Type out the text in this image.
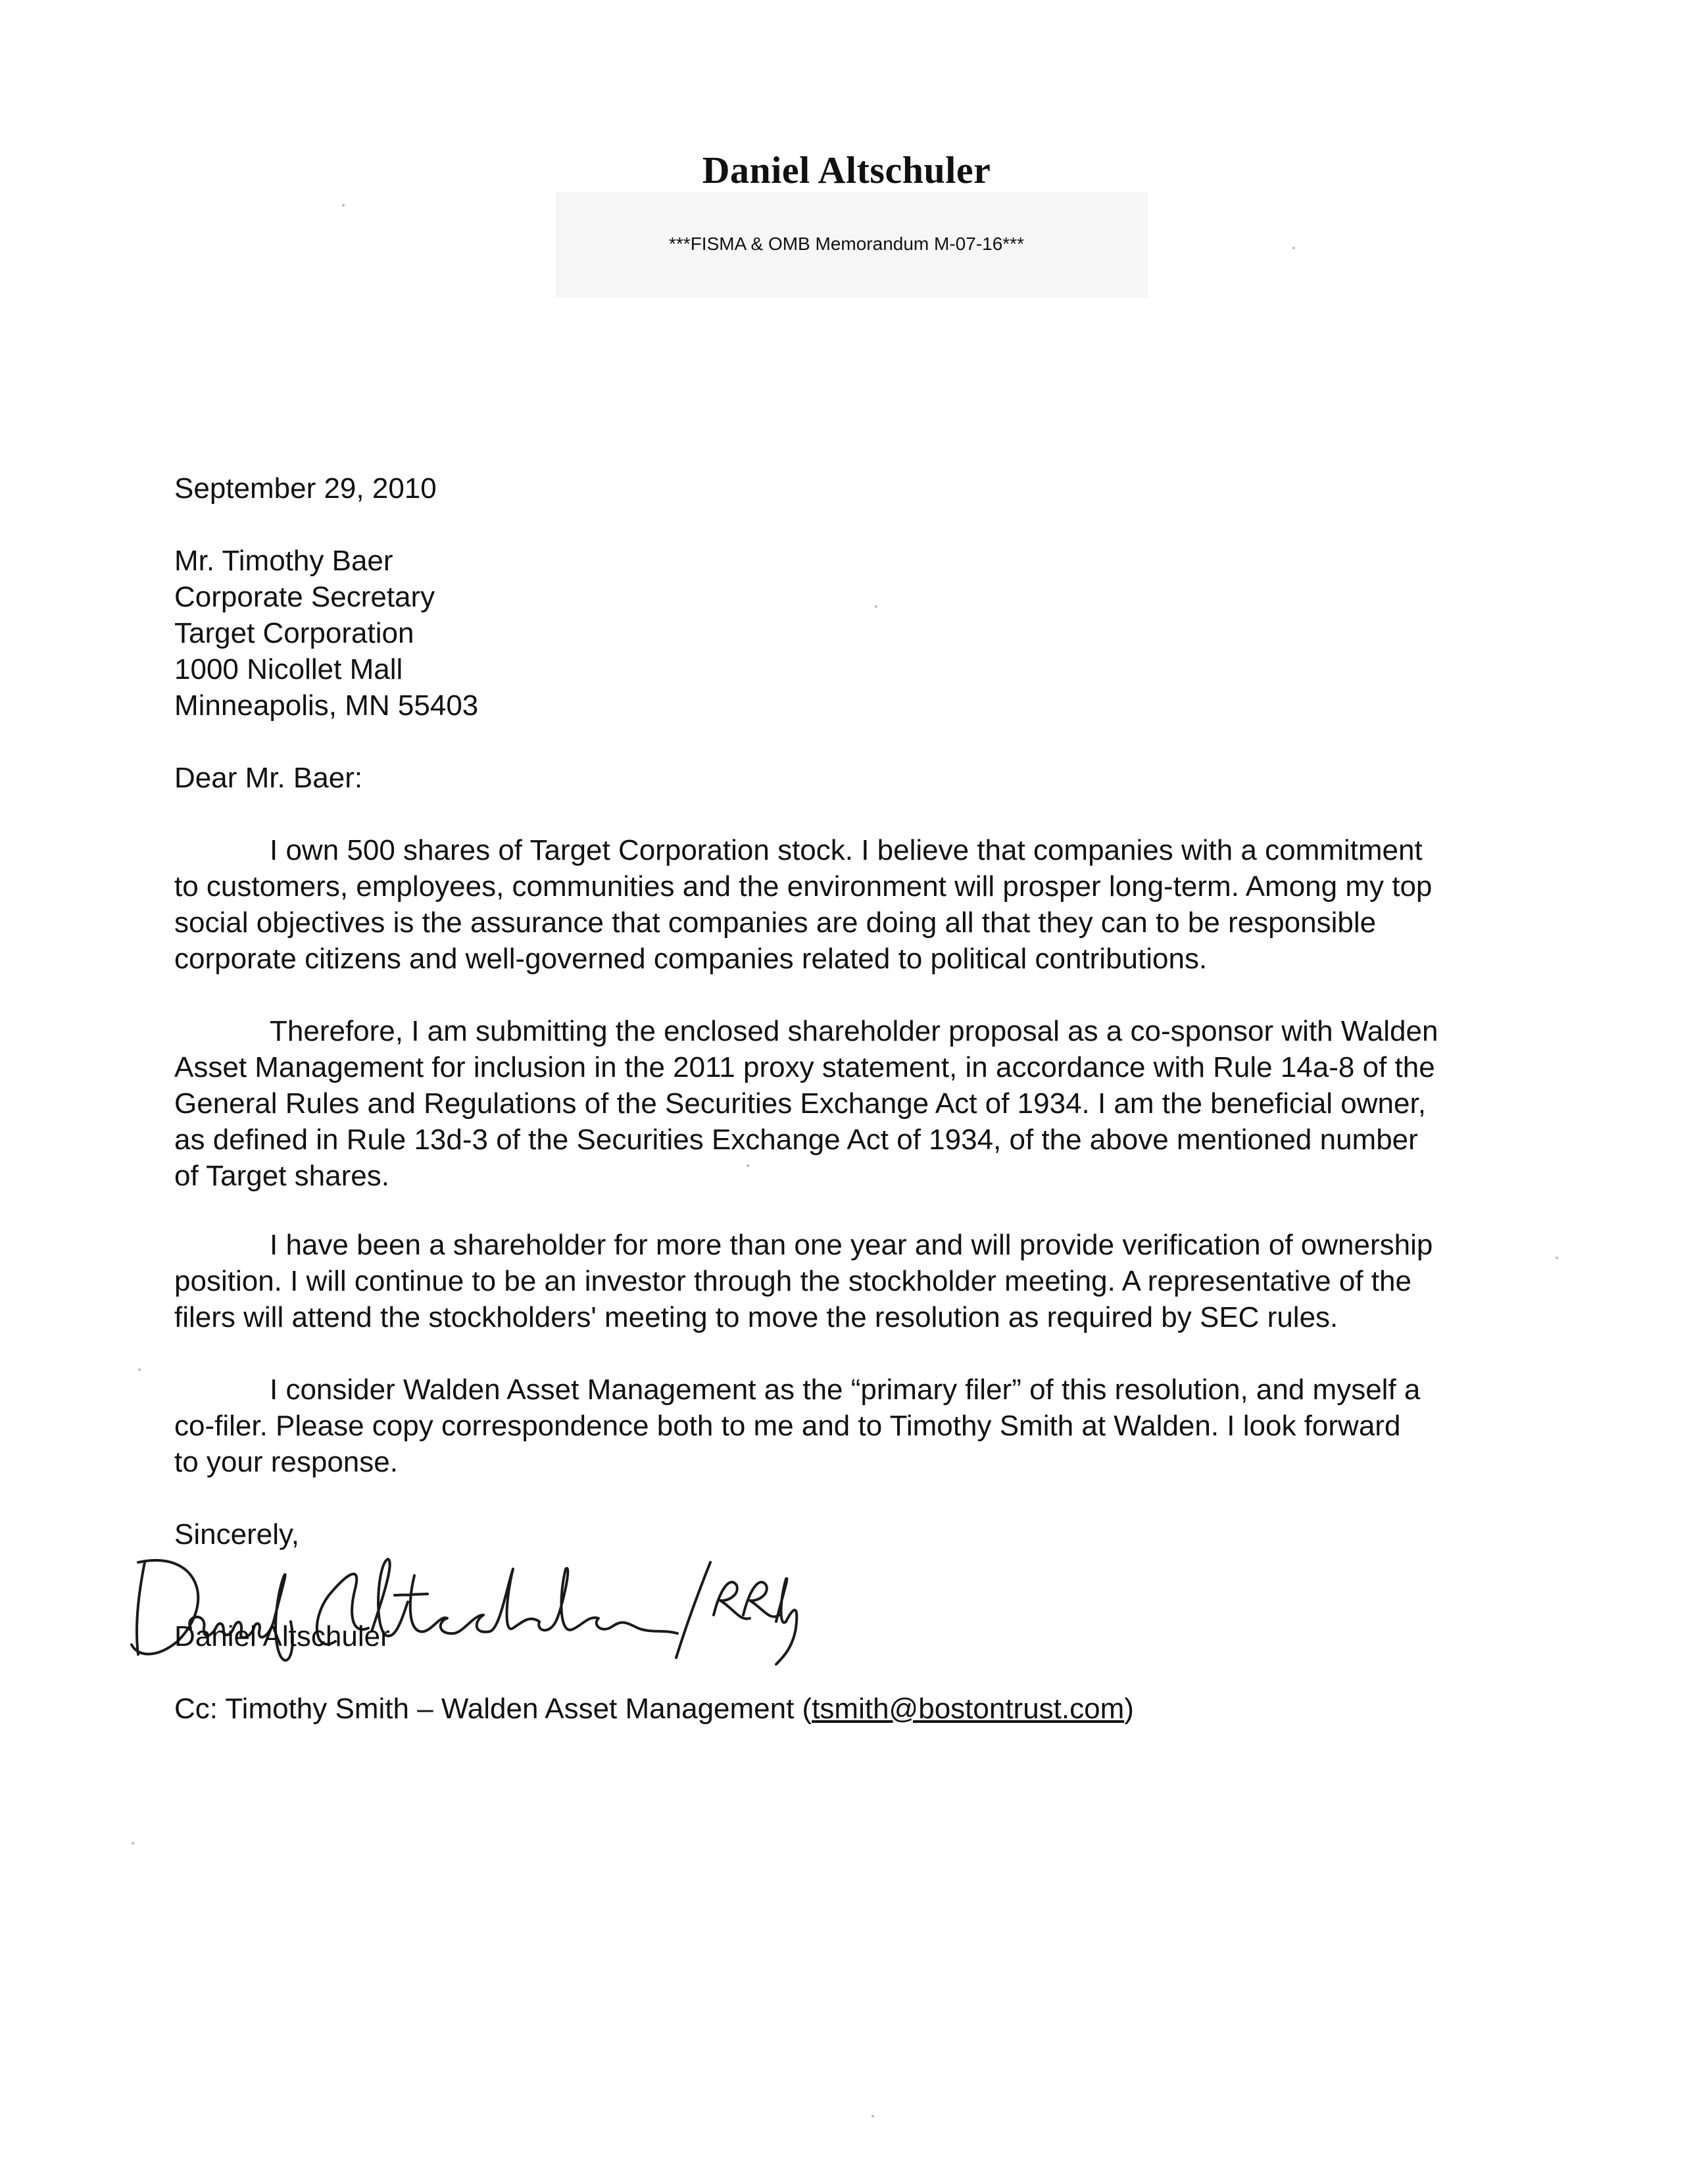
Daniel Altschuler
***FISMA & OMB Memorandum M-07-16***
September 29, 2010
Mr. Timothy Baer
Corporate Secretary
Target Corporation
1000 Nicollet Mall
Minneapolis, MN 55403
Dear Mr. Baer:
I own 500 shares of Target Corporation stock. I believe that companies with a commitment
to customers, employees, communities and the environment will prosper long-term. Among my top
social objectives is the assurance that companies are doing all that they can to be responsible
corporate citizens and well-governed companies related to political contributions.
Therefore, I am submitting the enclosed shareholder proposal as a co-sponsor with Walden
Asset Management for inclusion in the 2011 proxy statement, in accordance with Rule 14a-8 of the
General Rules and Regulations of the Securities Exchange Act of 1934. I am the beneficial owner,
as defined in Rule 13d-3 of the Securities Exchange Act of 1934, of the above mentioned number
of Target shares.
I have been a shareholder for more than one year and will provide verification of ownership
position. I will continue to be an investor through the stockholder meeting. A representative of the
filers will attend the stockholders' meeting to move the resolution as required by SEC rules.
I consider Walden Asset Management as the “primary filer” of this resolution, and myself a
co-filer. Please copy correspondence both to me and to Timothy Smith at Walden. I look forward
to your response.
Sincerely,
Daniel Altschuler
Cc: Timothy Smith – Walden Asset Management (tsmith@bostontrust.com)
